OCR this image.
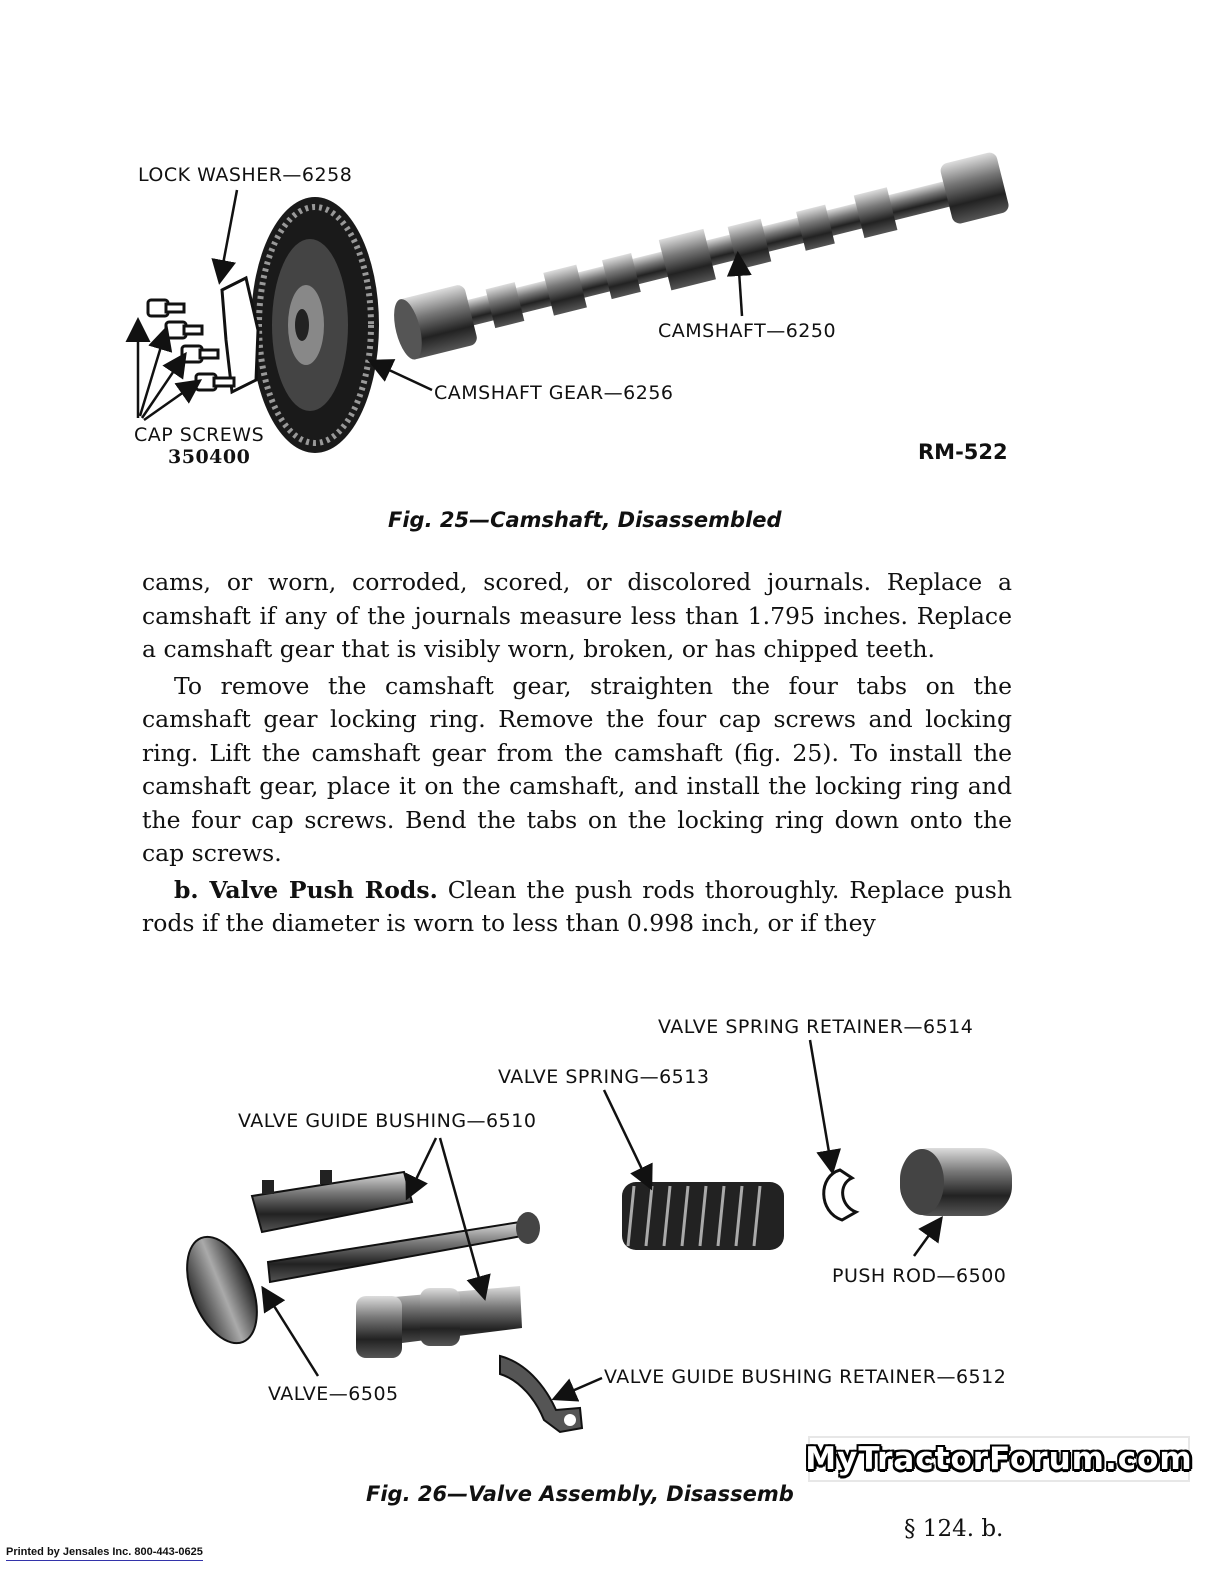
LOCK WASHER—6258
CAMSHAFT—6250
CAMSHAFT GEAR—6256
CAP SCREWS
350400	RM-522
Fig. 25—Camshaft, Disassembled

cams, or worn, corroded, scored, or discolored journals. Replace a camshaft if any of the journals measure less than 1.795 inches. Replace a camshaft gear that is visibly worn, broken, or has chipped teeth.

To remove the camshaft gear, straighten the four tabs on the camshaft gear locking ring. Remove the four cap screws and locking ring. Lift the camshaft gear from the camshaft (fig. 25). To install the camshaft gear, place it on the camshaft, and install the locking ring and the four cap screws. Bend the tabs on the locking ring down onto the cap screws.

b. Valve Push Rods. Clean the push rods thoroughly. Replace push rods if the diameter is worn to less than 0.998 inch, or if they

VALVE SPRING RETAINER—6514
VALVE SPRING—6513
VALVE GUIDE BUSHING—6510
PUSH ROD—6500
VALVE—6505
VALVE GUIDE BUSHING RETAINER—6512
Fig. 26—Valve Assembly, Disassemb
MyTractorForum.com
§ 124. b.
Printed by Jensales Inc. 800-443-0625
